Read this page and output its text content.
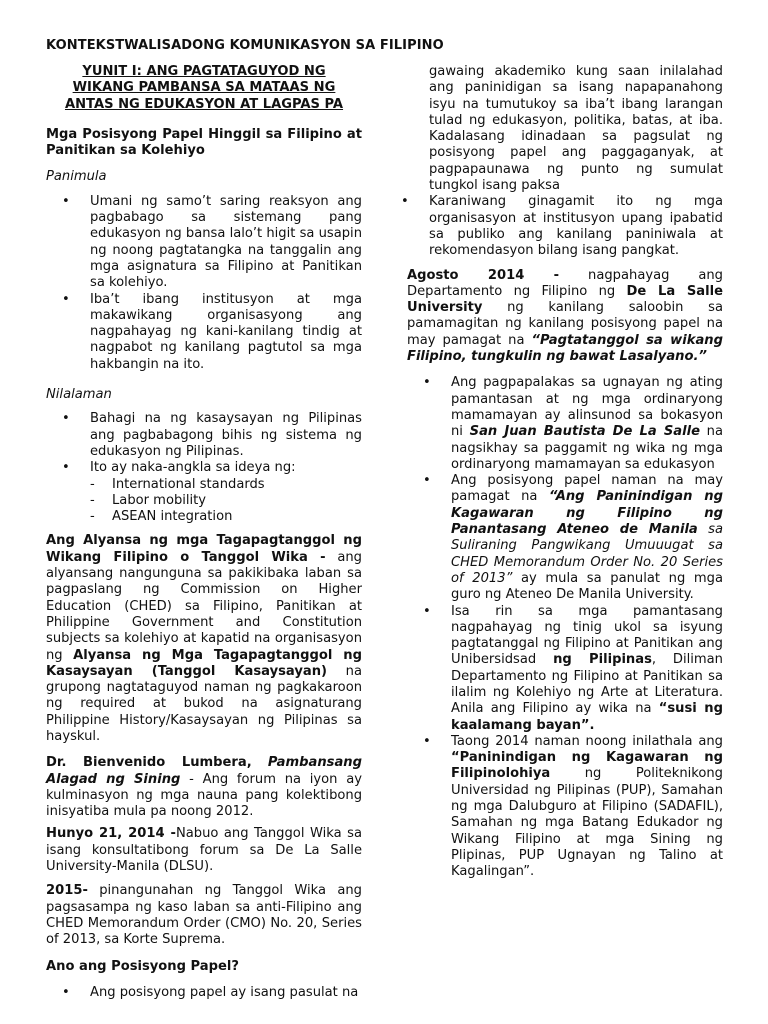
KONTEKSTWALISADONG KOMUNIKASYON SA FILIPINO

YUNIT I: ANG PAGTATAGUYOD NG WIKANG PAMBANSA SA MATAAS NG ANTAS NG EDUKASYON AT LAGPAS PA

Mga Posisyong Papel Hinggil sa Filipino at Panitikan sa Kolehiyo

Panimula

• Umani ng samo’t saring reaksyon ang pagbabago sa sistemang pang edukasyon ng bansa lalo’t higit sa usapin ng noong pagtatangka na tanggalin ang mga asignatura sa Filipino at Panitikan sa kolehiyo.
• Iba’t ibang institusyon at mga makawikang organisasyong ang nagpahayag ng kani-kanilang tindig at nagpabot ng kanilang pagtutol sa mga hakbangin na ito.

Nilalaman

• Bahagi na ng kasaysayan ng Pilipinas ang pagbabagong bihis ng sistema ng edukasyon ng Pilipinas.
• Ito ay naka-angkla sa ideya ng:
- International standards
- Labor mobility
- ASEAN integration

Ang Alyansa ng mga Tagapagtanggol ng Wikang Filipino o Tanggol Wika - ang alyansang nangunguna sa pakikibaka laban sa pagpaslang ng Commission on Higher Education (CHED) sa Filipino, Panitikan at Philippine Government and Constitution subjects sa kolehiyo at kapatid na organisasyon ng Alyansa ng Mga Tagapagtanggol ng Kasaysayan (Tanggol Kasaysayan) na grupong nagtataguyod naman ng pagkakaroon ng required at bukod na asignaturang Philippine History/Kasaysayan ng Pilipinas sa hayskul.

Dr. Bienvenido Lumbera, Pambansang Alagad ng Sining - Ang forum na iyon ay kulminasyon ng mga nauna pang kolektibong inisyatiba mula pa noong 2012.

Hunyo 21, 2014 -Nabuo ang Tanggol Wika sa isang konsultatibong forum sa De La Salle University-Manila (DLSU).

2015- pinangunahan ng Tanggol Wika ang pagsasampa ng kaso laban sa anti-Filipino ang CHED Memorandum Order (CMO) No. 20, Series of 2013, sa Korte Suprema.

Ano ang Posisyong Papel?

• Ang posisyong papel ay isang pasulat na
gawaing akademiko kung saan inilalahad ang paninidigan sa isang napapanahong isyu na tumutukoy sa iba’t ibang larangan tulad ng edukasyon, politika, batas, at iba. Kadalasang idinadaan sa pagsulat ng posisyong papel ang paggaganyak, at pagpapaunawa ng punto ng sumulat tungkol isang paksa
• Karaniwang ginagamit ito ng mga organisasyon at institusyon upang ipabatid sa publiko ang kanilang paniniwala at rekomendasyon bilang isang pangkat.

Agosto 2014 - nagpahayag ang Departamento ng Filipino ng De La Salle University ng kanilang saloobin sa pamamagitan ng kanilang posisyong papel na may pamagat na “Pagtatanggol sa wikang Filipino, tungkulin ng bawat Lasalyano.”

• Ang pagpapalakas sa ugnayan ng ating pamantasan at ng mga ordinaryong mamamayan ay alinsunod sa bokasyon ni San Juan Bautista De La Salle na nagsikhay sa paggamit ng wika ng mga ordinaryong mamamayan sa edukasyon
• Ang posisyong papel naman na may pamagat na “Ang Paninindigan ng Kagawaran ng Filipino ng Panantasang Ateneo de Manila sa Suliraning Pangwikang Umuuugat sa CHED Memorandum Order No. 20 Series of 2013” ay mula sa panulat ng mga guro ng Ateneo De Manila University.
• Isa rin sa mga pamantasang nagpahayag ng tinig ukol sa isyung pagtatanggal ng Filipino at Panitikan ang Unibersidsad ng Pilipinas, Diliman Departamento ng Filipino at Panitikan sa ilalim ng Kolehiyo ng Arte at Literatura. Anila ang Filipino ay wika na “susi ng kaalamang bayan”.
• Taong 2014 naman noong inilathala ang “Paninindigan ng Kagawaran ng Filipinolohiya ng Politeknikong Universidad ng Pilipinas (PUP), Samahan ng mga Dalubguro at Filipino (SADAFIL), Samahan ng mga Batang Edukador ng Wikang Filipino at mga Sining ng Plipinas, PUP Ugnayan ng Talino at Kagalingan”.
